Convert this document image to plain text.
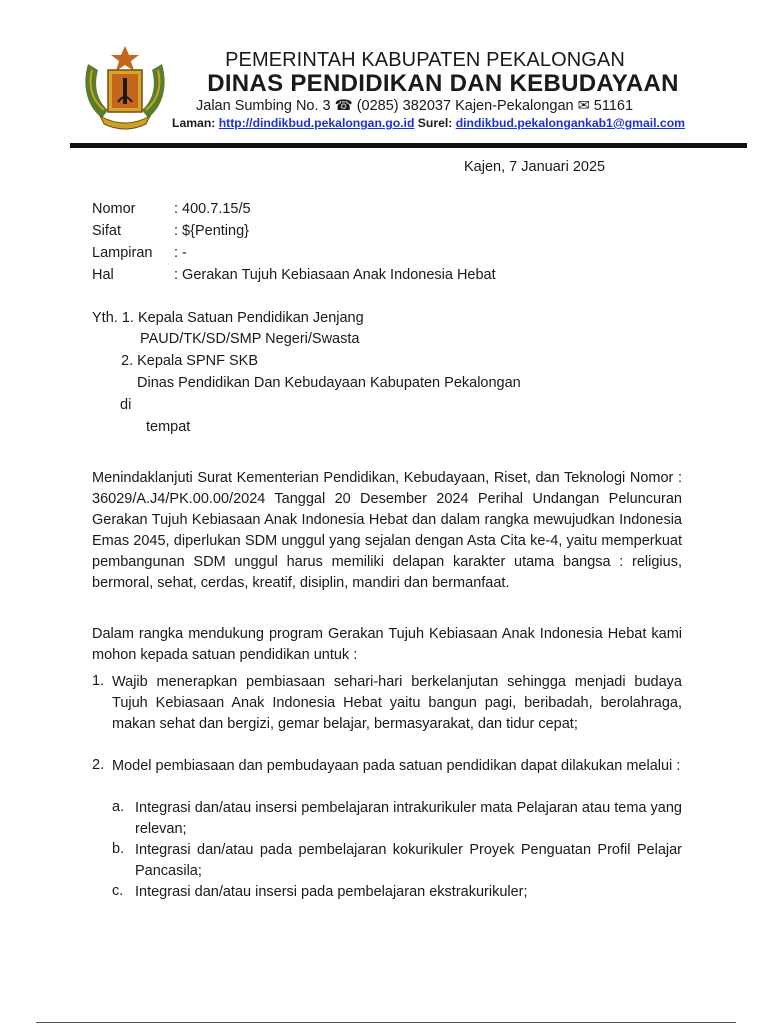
PEMERINTAH KABUPATEN PEKALONGAN
DINAS PENDIDIKAN DAN KEBUDAYAAN
Jalan Sumbing No. 3 ☎ (0285) 382037 Kajen-Pekalongan ✉ 51161
Laman: http://dindikbud.pekalongan.go.id Surel: dindikbud.pekalongankab1@gmail.com
Kajen, 7 Januari 2025
Nomor	: 400.7.15/5
Sifat	: ${Penting}
Lampiran : -
Hal	: Gerakan Tujuh Kebiasaan Anak Indonesia Hebat
Yth. 1. Kepala Satuan Pendidikan Jenjang
PAUD/TK/SD/SMP Negeri/Swasta
2. Kepala SPNF SKB
Dinas Pendidikan Dan Kebudayaan Kabupaten Pekalongan
di
tempat
Menindaklanjuti Surat Kementerian Pendidikan, Kebudayaan, Riset, dan Teknologi Nomor : 36029/A.J4/PK.00.00/2024 Tanggal 20 Desember 2024 Perihal Undangan Peluncuran Gerakan Tujuh Kebiasaan Anak Indonesia Hebat dan dalam rangka mewujudkan Indonesia Emas 2045, diperlukan SDM unggul yang sejalan dengan Asta Cita ke-4, yaitu memperkuat pembangunan SDM unggul harus memiliki delapan karakter utama bangsa : religius, bermoral, sehat, cerdas, kreatif, disiplin, mandiri dan bermanfaat.
Dalam rangka mendukung program Gerakan Tujuh Kebiasaan Anak Indonesia Hebat kami mohon kepada satuan pendidikan untuk :
1. Wajib menerapkan pembiasaan sehari-hari berkelanjutan sehingga menjadi budaya Tujuh Kebiasaan Anak Indonesia Hebat yaitu bangun pagi, beribadah, berolahraga, makan sehat dan bergizi, gemar belajar, bermasyarakat, dan tidur cepat;
2. Model pembiasaan dan pembudayaan pada satuan pendidikan dapat dilakukan melalui :
a. Integrasi dan/atau insersi pembelajaran intrakurikuler mata Pelajaran atau tema yang relevan;
b. Integrasi dan/atau pada pembelajaran kokurikuler Proyek Penguatan Profil Pelajar Pancasila;
c. Integrasi dan/atau insersi pada pembelajaran ekstrakurikuler;
